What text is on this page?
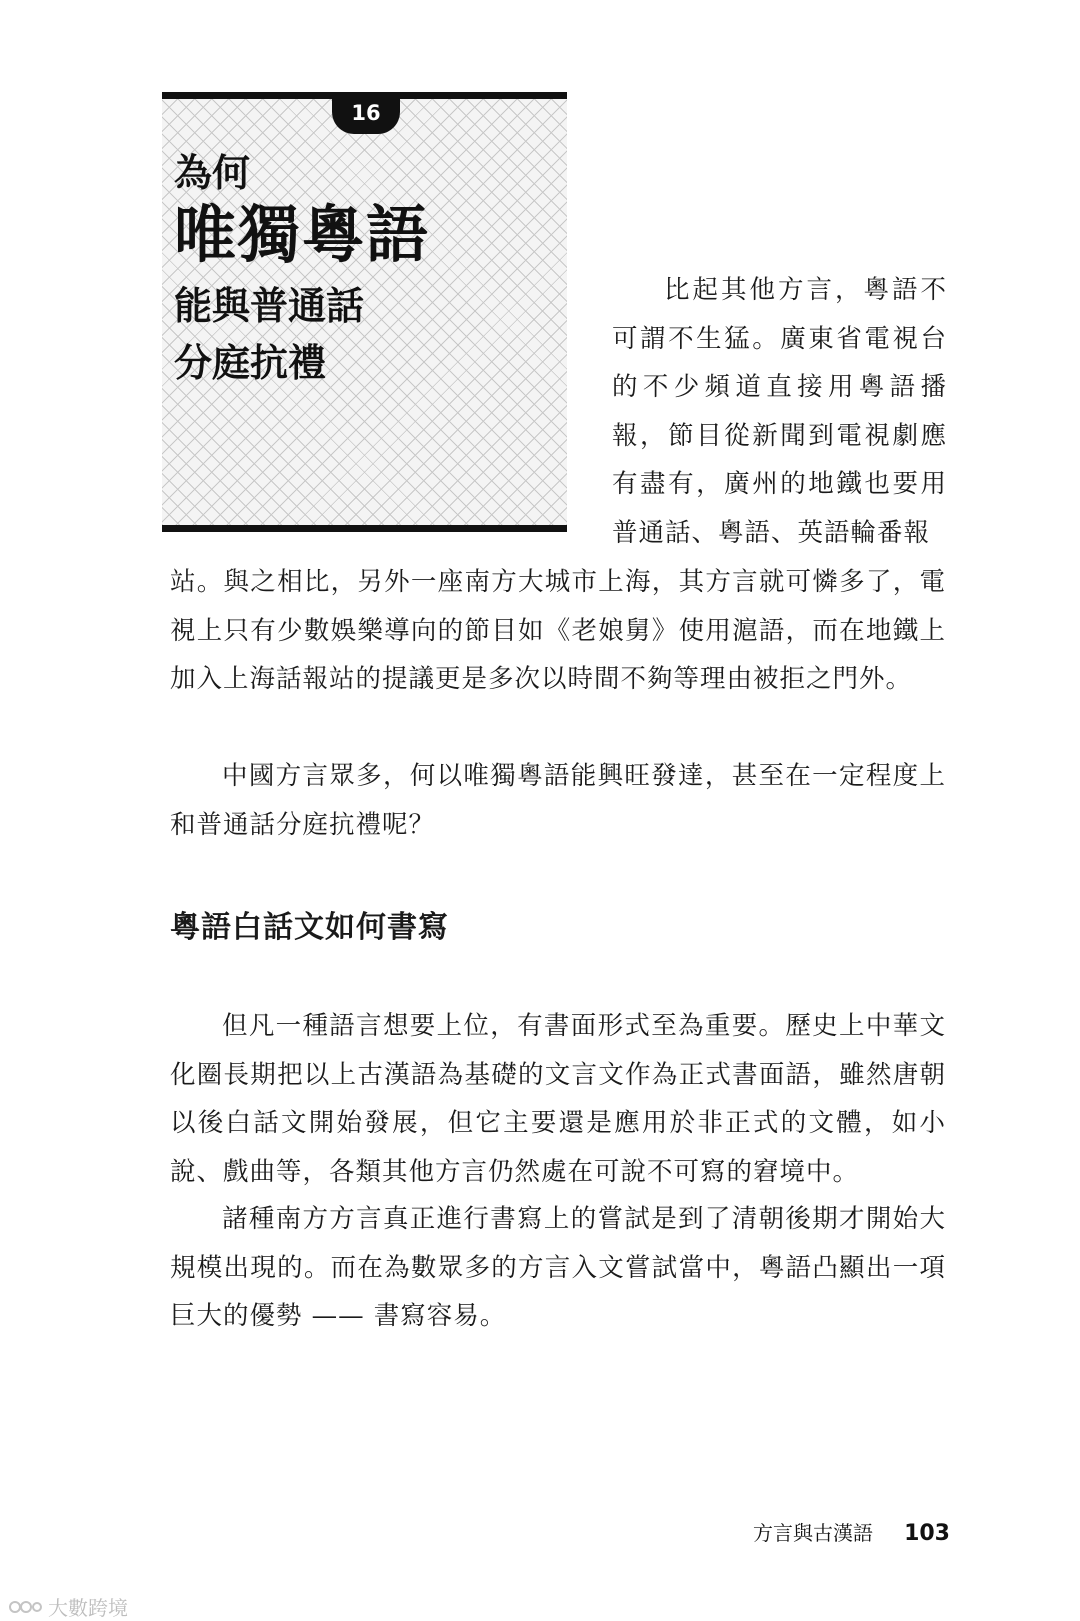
16
為何
唯獨粵語
能與普通話
分庭抗禮
比起其他方言，粵語不可謂不生猛。廣東省電視台的不少頻道直接用粵語播報，節目從新聞到電視劇應有盡有，廣州的地鐵也要用普通話、粵語、英語輪番報
站。與之相比，另外一座南方大城市上海，其方言就可憐多了，電視上只有少數娛樂導向的節目如《老娘舅》使用滬語，而在地鐵上加入上海話報站的提議更是多次以時間不夠等理由被拒之門外。
中國方言眾多，何以唯獨粵語能興旺發達，甚至在一定程度上和普通話分庭抗禮呢？
粵語白話文如何書寫
但凡一種語言想要上位，有書面形式至為重要。歷史上中華文化圈長期把以上古漢語為基礎的文言文作為正式書面語，雖然唐朝以後白話文開始發展，但它主要還是應用於非正式的文體，如小說、戲曲等，各類其他方言仍然處在可說不可寫的窘境中。
諸種南方方言真正進行書寫上的嘗試是到了清朝後期才開始大規模出現的。而在為數眾多的方言入文嘗試當中，粵語凸顯出一項巨大的優勢 —— 書寫容易。
方言與古漢語 103
大數跨境
